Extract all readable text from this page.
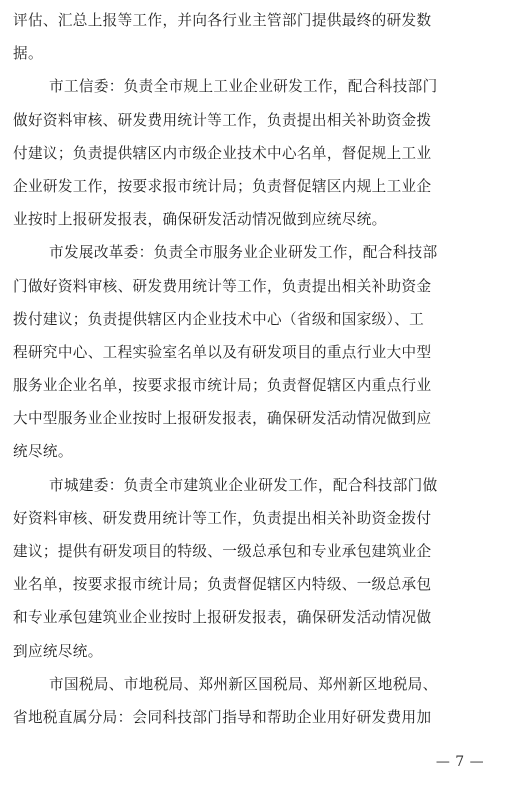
评估、汇总上报等工作，并向各行业主管部门提供最终的研发数
据。
市工信委：负责全市规上工业企业研发工作，配合科技部门
做好资料审核、研发费用统计等工作，负责提出相关补助资金拨
付建议；负责提供辖区内市级企业技术中心名单，督促规上工业
企业研发工作，按要求报市统计局；负责督促辖区内规上工业企
业按时上报研发报表，确保研发活动情况做到应统尽统。
市发展改革委：负责全市服务业企业研发工作，配合科技部
门做好资料审核、研发费用统计等工作，负责提出相关补助资金
拨付建议；负责提供辖区内企业技术中心（省级和国家级）、工
程研究中心、工程实验室名单以及有研发项目的重点行业大中型
服务业企业名单，按要求报市统计局；负责督促辖区内重点行业
大中型服务业企业按时上报研发报表，确保研发活动情况做到应
统尽统。
市城建委：负责全市建筑业企业研发工作，配合科技部门做
好资料审核、研发费用统计等工作，负责提出相关补助资金拨付
建议；提供有研发项目的特级、一级总承包和专业承包建筑业企
业名单，按要求报市统计局；负责督促辖区内特级、一级总承包
和专业承包建筑业企业按时上报研发报表，确保研发活动情况做
到应统尽统。
市国税局、市地税局、郑州新区国税局、郑州新区地税局、
省地税直属分局：会同科技部门指导和帮助企业用好研发费用加
— 7 —
